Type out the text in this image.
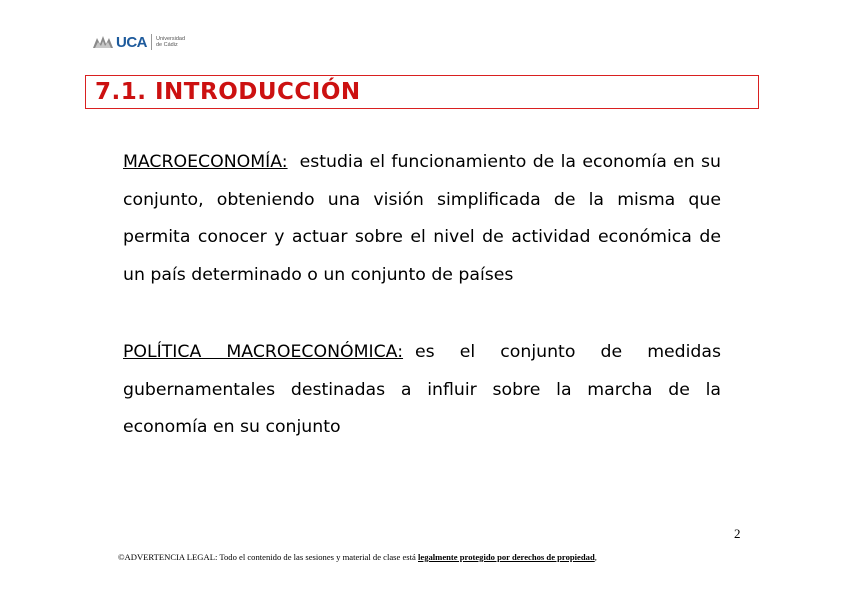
UCA Universidad
de Cádiz
7.1. INTRODUCCIÓN
MACROECONOMÍA: estudia el funcionamiento de la economía en su conjunto, obteniendo una visión simplificada de la misma que permita conocer y actuar sobre el nivel de actividad económica de un país determinado o un conjunto de países
POLÍTICA MACROECONÓMICA: es el conjunto de medidas gubernamentales destinadas a influir sobre la marcha de la economía en su conjunto
2
©ADVERTENCIA LEGAL: Todo el contenido de las sesiones y material de clase está legalmente protegido por derechos de propiedad,
